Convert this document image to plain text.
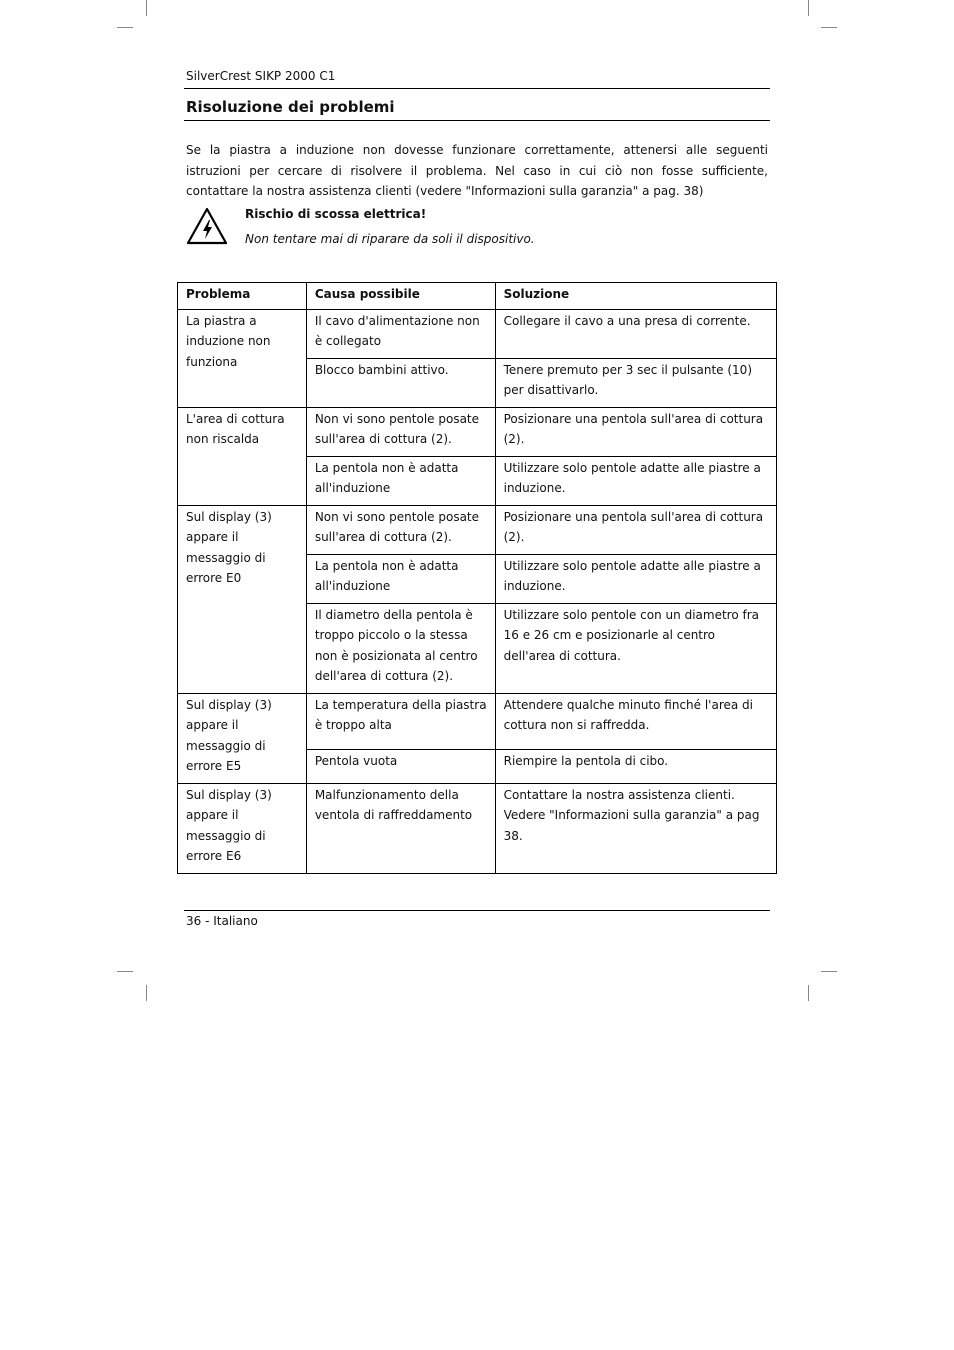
SilverCrest SIKP 2000 C1
Risoluzione dei problemi
Se la piastra a induzione non dovesse funzionare correttamente, attenersi alle seguenti istruzioni per cercare di risolvere il problema. Nel caso in cui ciò non fosse sufficiente, contattare la nostra assistenza clienti (vedere "Informazioni sulla garanzia" a pag. 38)
Rischio di scossa elettrica!
Non tentare mai di riparare da soli il dispositivo.
Problema	Causa possibile	Soluzione
La piastra a induzione non funziona	Il cavo d'alimentazione non è collegato	Collegare il cavo a una presa di corrente.
	Blocco bambini attivo.	Tenere premuto per 3 sec il pulsante (10) per disattivarlo.
L'area di cottura non riscalda	Non vi sono pentole posate sull'area di cottura (2).	Posizionare una pentola sull'area di cottura (2).
	La pentola non è adatta all'induzione	Utilizzare solo pentole adatte alle piastre a induzione.
Sul display (3) appare il messaggio di errore E0	Non vi sono pentole posate sull'area di cottura (2).	Posizionare una pentola sull'area di cottura (2).
	La pentola non è adatta all'induzione	Utilizzare solo pentole adatte alle piastre a induzione.
	Il diametro della pentola è troppo piccolo o la stessa non è posizionata al centro dell'area di cottura (2).	Utilizzare solo pentole con un diametro fra 16 e 26 cm e posizionarle al centro dell'area di cottura.
Sul display (3) appare il messaggio di errore E5	La temperatura della piastra è troppo alta	Attendere qualche minuto finché l'area di cottura non si raffredda.
	Pentola vuota	Riempire la pentola di cibo.
Sul display (3) appare il messaggio di errore E6	Malfunzionamento della ventola di raffreddamento	Contattare la nostra assistenza clienti. Vedere "Informazioni sulla garanzia" a pag 38.
36 - Italiano
